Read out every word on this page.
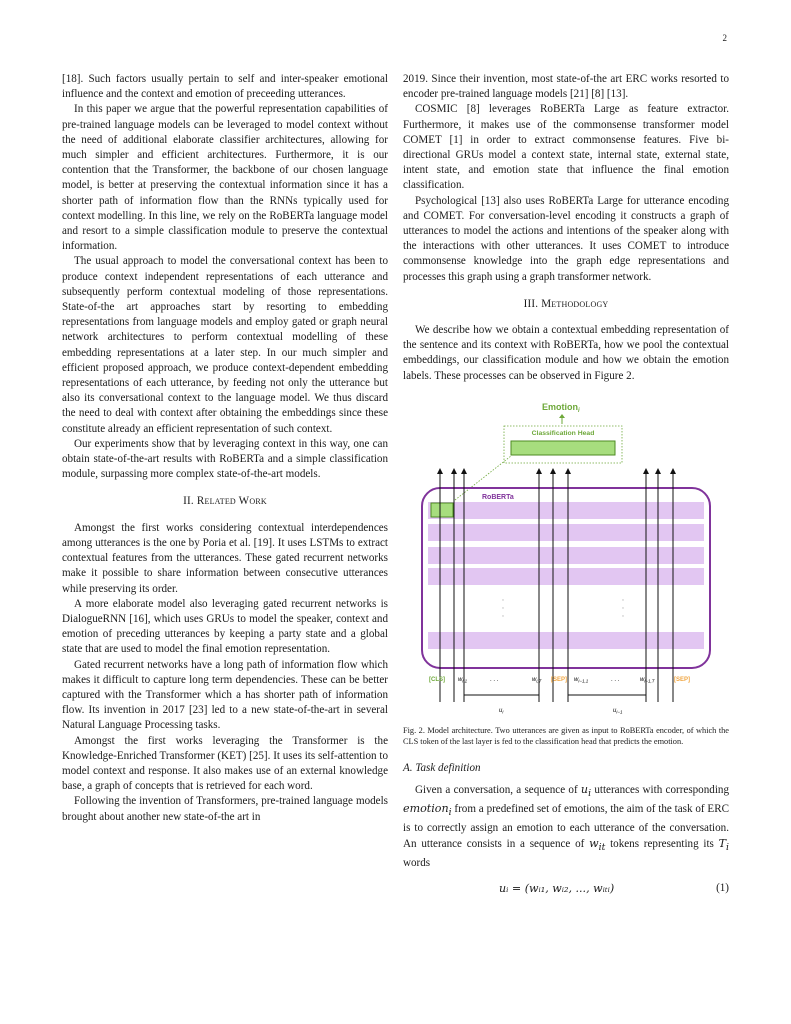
2

[18]. Such factors usually pertain to self and inter-speaker emotional influence and the context and emotion of preceeding utterances.

In this paper we argue that the powerful representation capabilities of pre-trained language models can be leveraged to model context without the need of additional elaborate classifier architectures, allowing for much simpler and efficient architectures. Furthermore, it is our contention that the Transformer, the backbone of our chosen language model, is better at preserving the contextual information since it has a shorter path of information flow than the RNNs typically used for context modelling. In this line, we rely on the RoBERTa language model and resort to a simple classification module to preserve the contextual information.

The usual approach to model the conversational context has been to produce context independent representations of each utterance and subsequently perform contextual modeling of those representations. State-of-the art approaches start by resorting to embedding representations from language models and employ gated or graph neural network architectures to perform contextual modelling of these embedding representations at a later step. In our much simpler and efficient proposed approach, we produce context-dependent embedding representations of each utterance, by feeding not only the utterance but also its conversational context to the language model. We thus discard the need to deal with context after obtaining the embeddings since these constitute already an efficient representation of such context.

Our experiments show that by leveraging context in this way, one can obtain state-of-the-art results with RoBERTa and a simple classification module, surpassing more complex state-of-the-art models.

II. Related Work

Amongst the first works considering contextual interdependences among utterances is the one by Poria et al. [19]. It uses LSTMs to extract contextual features from the utterances. These gated recurrent networks make it possible to share information between consecutive utterances while preserving its order.

A more elaborate model also leveraging gated recurrent networks is DialogueRNN [16], which uses GRUs to model the speaker, context and emotion of preceding utterances by keeping a party state and a global state that are used to model the final emotion representation.

Gated recurrent networks have a long path of information flow which makes it difficult to capture long term dependencies. These can be better captured with the Transformer which a has shorter path of information flow. Its invention in 2017 [23] led to a new state-of-the-art in several Natural Language Processing tasks.

Amongst the first works leveraging the Transformer is the Knowledge-Enriched Transformer (KET) [25]. It uses its self-attention to model context and response. It also makes use of an external knowledge base, a graph of concepts that is retrieved for each word.

Following the invention of Transformers, pre-trained language models brought about another new state-of-the art in

2019. Since their invention, most state-of-the art ERC works resorted to encoder pre-trained language models [21] [8] [13].

COSMIC [8] leverages RoBERTa Large as feature extractor. Furthermore, it makes use of the commonsense transformer model COMET [1] in order to extract commonsense features. Five bi-directional GRUs model a context state, internal state, external state, intent state, and emotion state that influence the final emotion classification.

Psychological [13] also uses RoBERTa Large for utterance encoding and COMET. For conversation-level encoding it constructs a graph of utterances to model the actions and intentions of the speaker along with the interactions with other utterances. It uses COMET to introduce commonsense knowledge into the graph edge representations and processes this graph using a graph transformer network.

III. Methodology

We describe how we obtain a contextual embedding representation of the sentence and its context with RoBERTa, how we pool the contextual embeddings, our classification module and how we obtain the emotion labels. These processes can be observed in Figure 2.

Emotion$_i$
Classification Head
RoBERTa
[CLS] $w_{i,1}$	. . .	$w_{i,T}$ [SEP] $w_{i-1,1}$	. . .	$w_{i-1,T}$	[SEP]
$u_i$	$u_{i-1}$

Fig. 2. Model architecture. Two utterances are given as input to RoBERTa encoder, of which the CLS token of the last layer is fed to the classification head that predicts the emotion.

A. Task definition

Given a conversation, a sequence of $u_i$ utterances with corresponding emotion$_i$ from a predefined set of emotions, the aim of the task of ERC is to correctly assign an emotion to each utterance of the conversation. An utterance consists in a sequence of $w_{it}$ tokens representing its $T_i$ words

uᵢ = (wᵢ₁, wᵢ₂, ..., wᵢₜᵢ)	(1)
